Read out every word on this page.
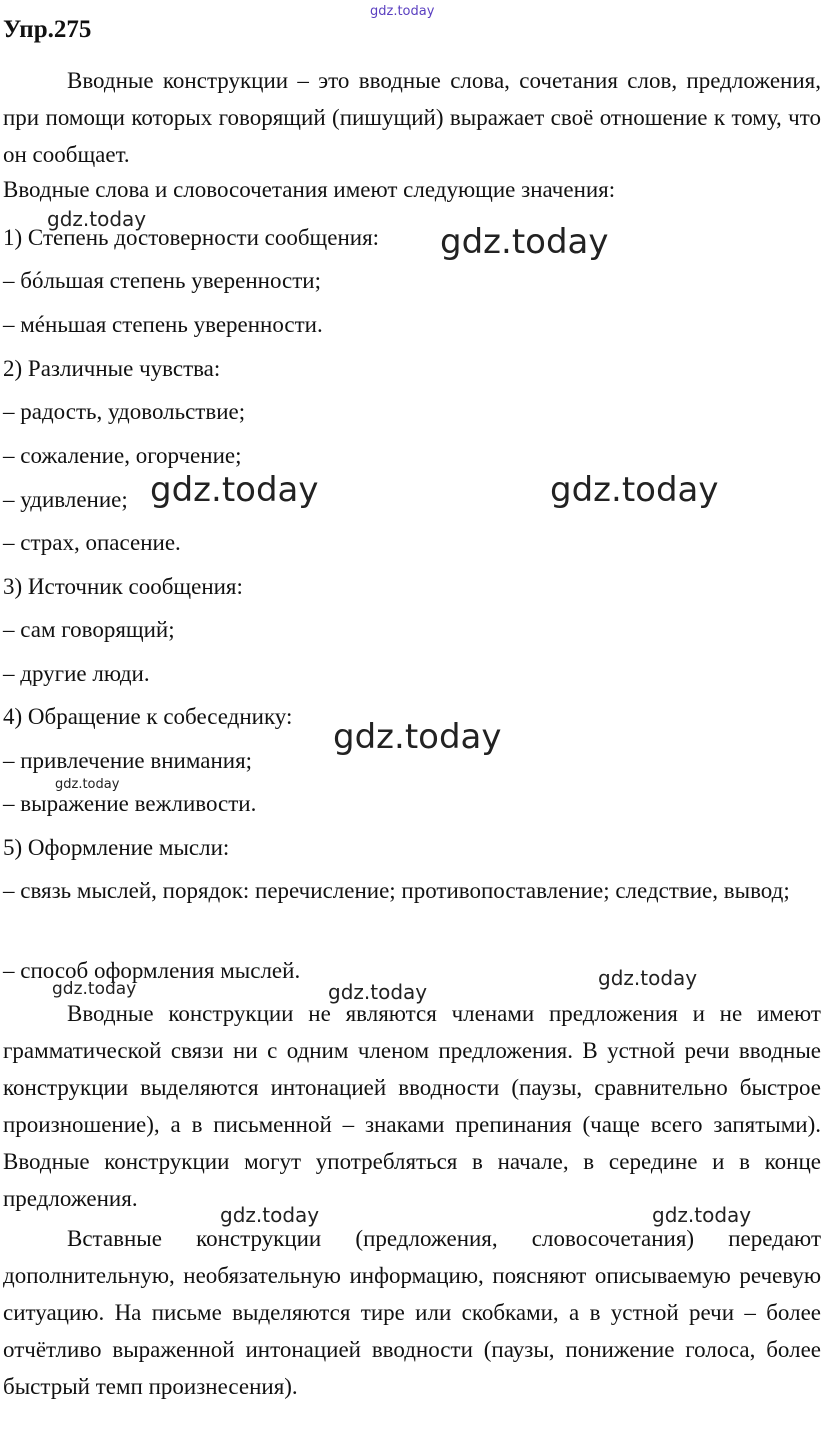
Упр.275

Вводные конструкции – это вводные слова, сочетания слов, предложения, при помощи которых говорящий (пишущий) выражает своё отношение к тому, что он сообщает.

Вводные слова и словосочетания имеют следующие значения:

1) Степень достоверности сообщения:

– бóльшая степень уверенности;

– мéньшая степень уверенности.

2) Различные чувства:

– радость, удовольствие;

– сожаление, огорчение;

– удивление;

– страх, опасение.

3) Источник сообщения:

– сам говорящий;

– другие люди.

4) Обращение к собеседнику:

– привлечение внимания;

– выражение вежливости.

5) Оформление мысли:

– связь мыслей, порядок: перечисление; противопоставление; следствие, вывод;

– способ оформления мыслей.

Вводные конструкции не являются членами предложения и не имеют грамматической связи ни с одним членом предложения. В устной речи вводные конструкции выделяются интонацией вводности (паузы, сравнительно быстрое произношение), а в письменной – знаками препинания (чаще всего запятыми). Вводные конструкции могут употребляться в начале, в середине и в конце предложения.

Вставные конструкции (предложения, словосочетания) передают дополнительную, необязательную информацию, поясняют описываемую речевую ситуацию. На письме выделяются тире или скобками, а в устной речи – более отчётливо выраженной интонацией вводности (паузы, понижение голоса, более быстрый темп произнесения).

gdz.today
gdz.today
gdz.today
gdz.today	gdz.today
gdz.today
gdz.today
gdz.today
gdz.today	gdz.today
gdz.today	gdz.today
